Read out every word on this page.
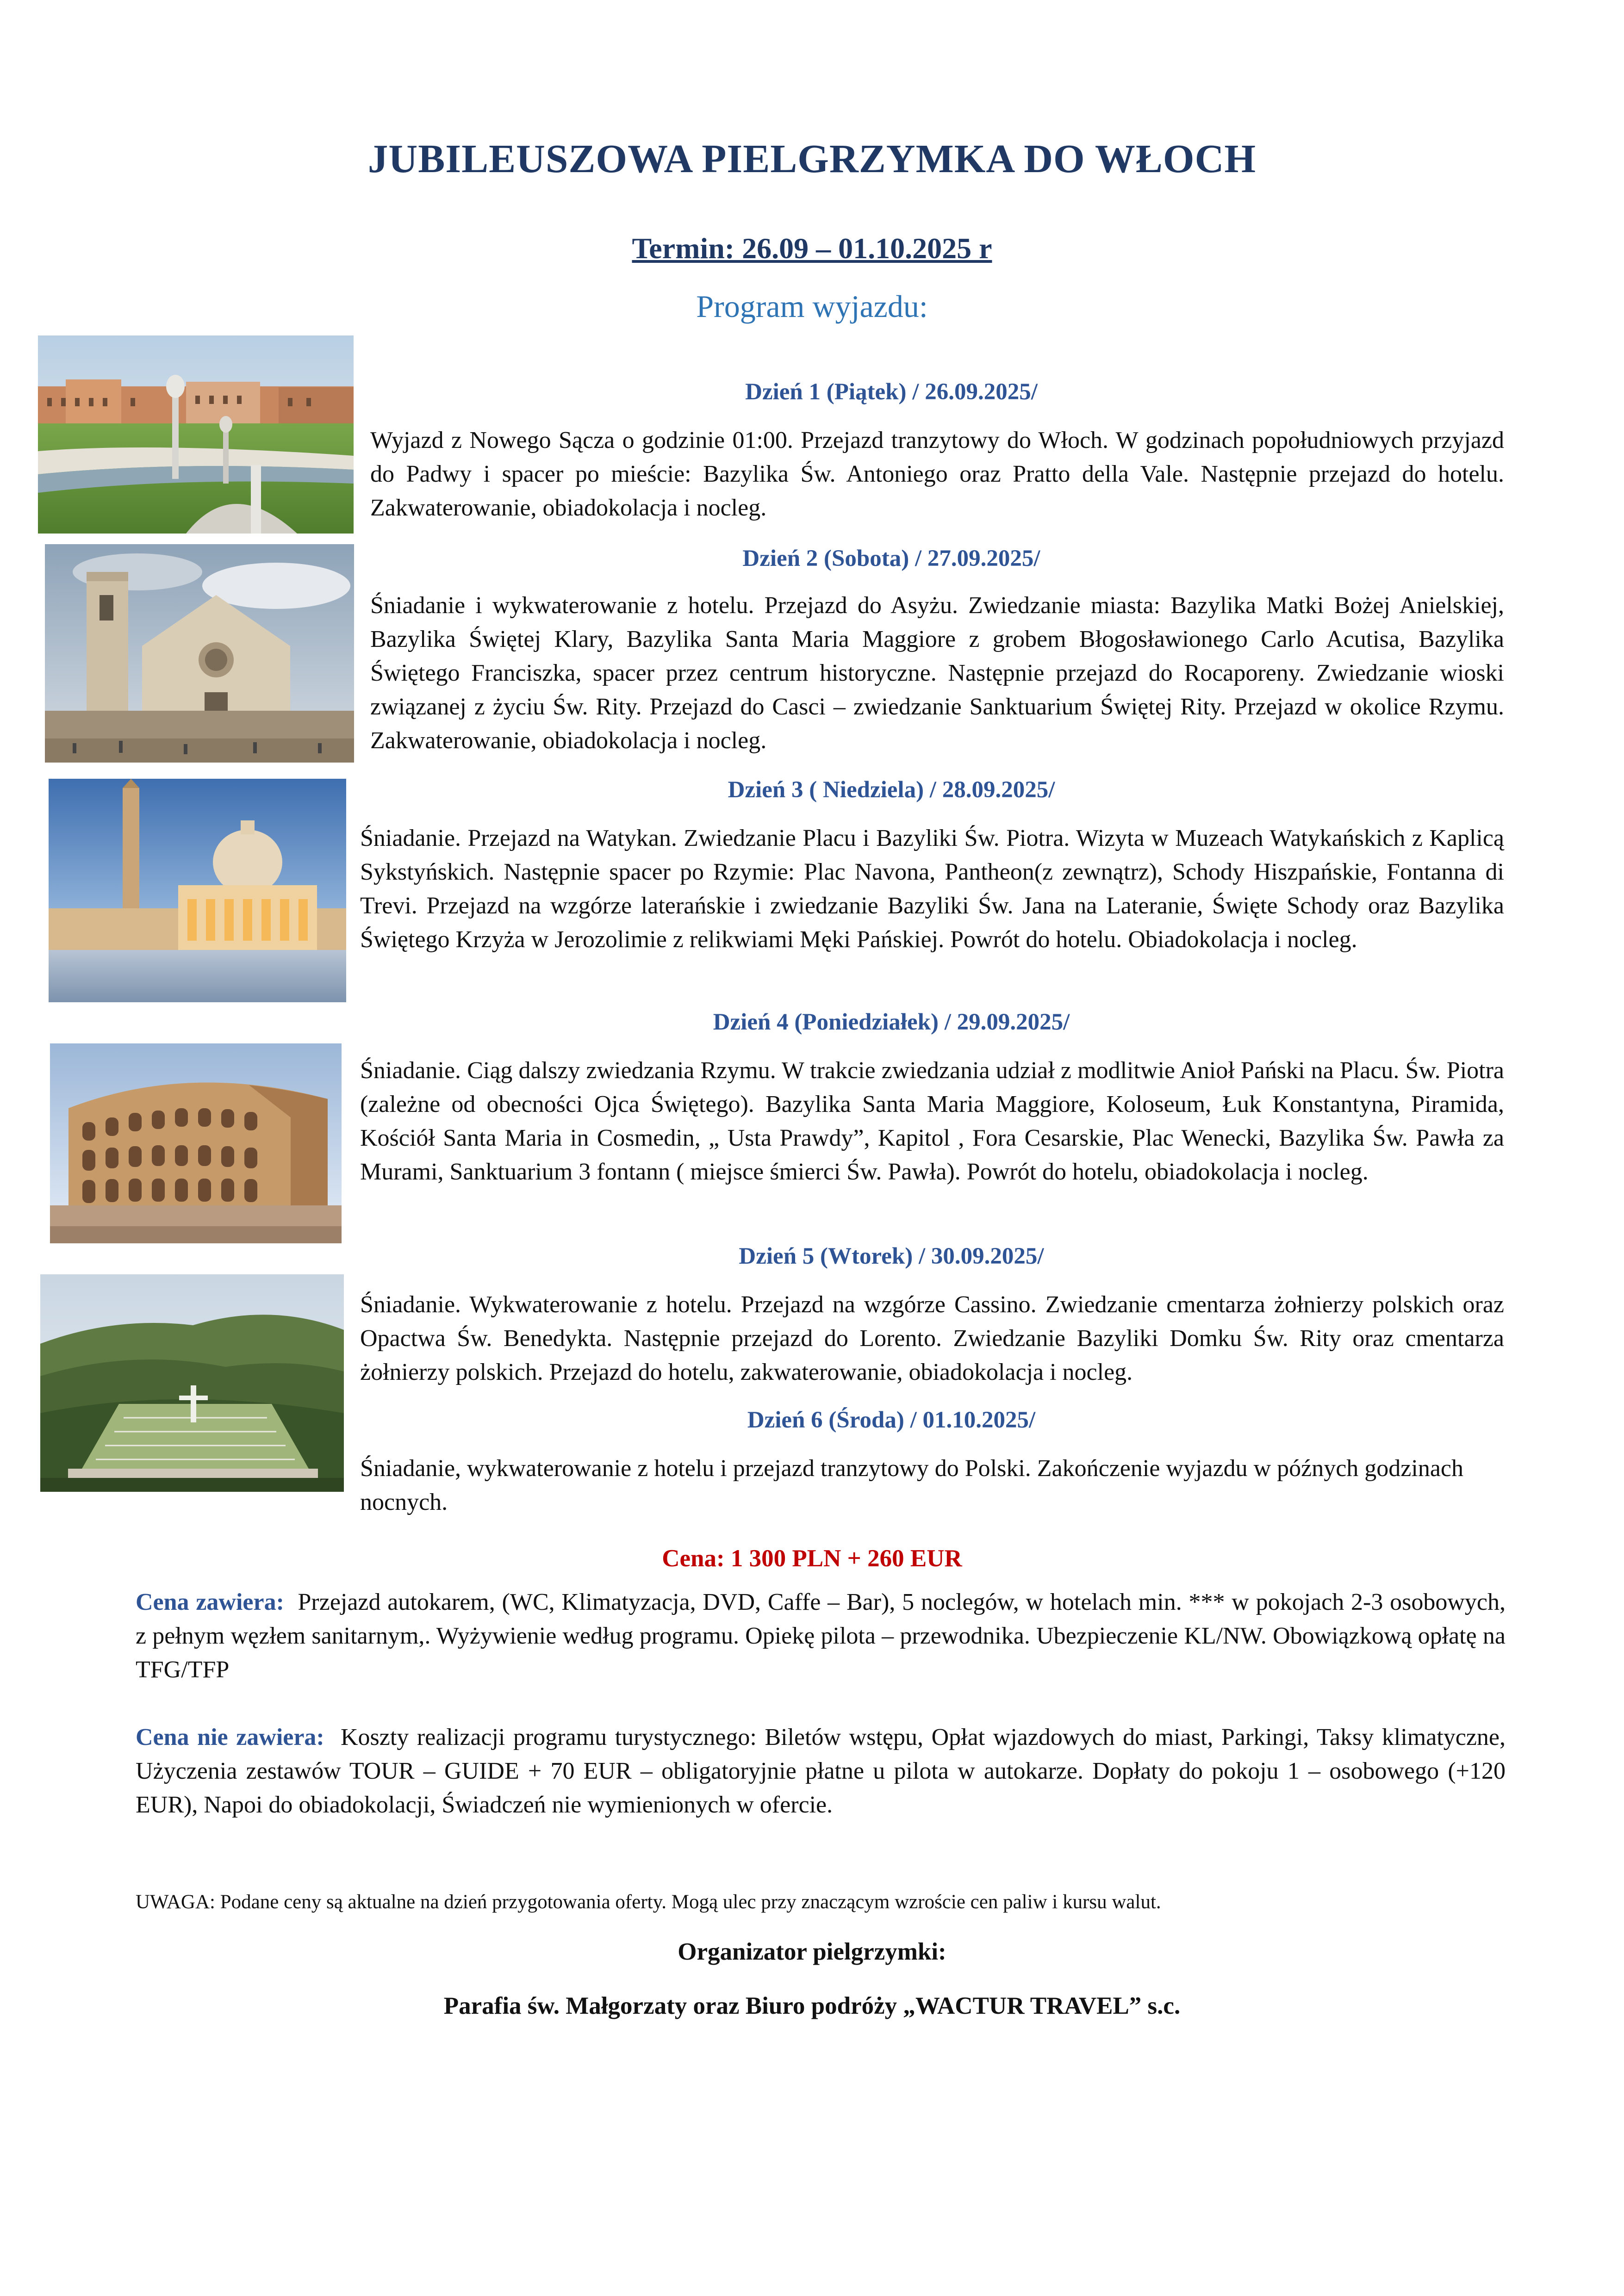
JUBILEUSZOWA PIELGRZYMKA DO WŁOCH
Termin: 26.09 – 01.10.2025 r
Program wyjazdu:
Dzień 1 (Piątek) / 26.09.2025/
Wyjazd z Nowego Sącza o godzinie 01:00. Przejazd tranzytowy do Włoch. W godzinach popołudniowych przyjazd do Padwy i spacer po mieście: Bazylika Św. Antoniego oraz Pratto della Vale. Następnie przejazd do hotelu. Zakwaterowanie, obiadokolacja i nocleg.
Dzień 2 (Sobota) / 27.09.2025/
Śniadanie i wykwaterowanie z hotelu. Przejazd do Asyżu. Zwiedzanie miasta: Bazylika Matki Bożej Anielskiej, Bazylika Świętej Klary, Bazylika Santa Maria Maggiore z grobem Błogosławionego Carlo Acutisa, Bazylika Świętego Franciszka, spacer przez centrum historyczne. Następnie przejazd do Rocaporeny. Zwiedzanie wioski związanej z życiu Św. Rity. Przejazd do Casci – zwiedzanie Sanktuarium Świętej Rity. Przejazd w okolice Rzymu. Zakwaterowanie, obiadokolacja i nocleg.
Dzień 3 ( Niedziela) / 28.09.2025/
Śniadanie. Przejazd na Watykan. Zwiedzanie Placu i Bazyliki Św. Piotra. Wizyta w Muzeach Watykańskich z Kaplicą Sykstyńskich. Następnie spacer po Rzymie: Plac Navona, Pantheon(z zewnątrz), Schody Hiszpańskie, Fontanna di Trevi. Przejazd na wzgórze laterańskie i zwiedzanie Bazyliki Św. Jana na Lateranie, Święte Schody oraz Bazylika Świętego Krzyża w Jerozolimie z relikwiami Męki Pańskiej. Powrót do hotelu. Obiadokolacja i nocleg.
Dzień 4 (Poniedziałek) / 29.09.2025/
Śniadanie. Ciąg dalszy zwiedzania Rzymu. W trakcie zwiedzania udział z modlitwie Anioł Pański na Placu. Św. Piotra (zależne od obecności Ojca Świętego). Bazylika Santa Maria Maggiore, Koloseum, Łuk Konstantyna, Piramida, Kościół Santa Maria in Cosmedin, „ Usta Prawdy”, Kapitol , Fora Cesarskie, Plac Wenecki, Bazylika Św. Pawła za Murami, Sanktuarium 3 fontann ( miejsce śmierci Św. Pawła). Powrót do hotelu, obiadokolacja i nocleg.
Dzień 5 (Wtorek) / 30.09.2025/
Śniadanie. Wykwaterowanie z hotelu. Przejazd na wzgórze Cassino. Zwiedzanie cmentarza żołnierzy polskich oraz Opactwa Św. Benedykta. Następnie przejazd do Lorento. Zwiedzanie Bazyliki Domku Św. Rity oraz cmentarza żołnierzy polskich. Przejazd do hotelu, zakwaterowanie, obiadokolacja i nocleg.
Dzień 6 (Środa) / 01.10.2025/
Śniadanie, wykwaterowanie z hotelu i przejazd tranzytowy do Polski. Zakończenie wyjazdu w późnych godzinach nocnych.
Cena: 1 300 PLN + 260 EUR
Cena zawiera: Przejazd autokarem, (WC, Klimatyzacja, DVD, Caffe – Bar), 5 noclegów, w hotelach min. *** w pokojach 2-3 osobowych, z pełnym węzłem sanitarnym,. Wyżywienie według programu. Opiekę pilota – przewodnika. Ubezpieczenie KL/NW. Obowiązkową opłatę na TFG/TFP
Cena nie zawiera: Koszty realizacji programu turystycznego: Biletów wstępu, Opłat wjazdowych do miast, Parkingi, Taksy klimatyczne, Użyczenia zestawów TOUR – GUIDE + 70 EUR – obligatoryjnie płatne u pilota w autokarze. Dopłaty do pokoju 1 – osobowego (+120 EUR), Napoi do obiadokolacji, Świadczeń nie wymienionych w ofercie.
UWAGA: Podane ceny są aktualne na dzień przygotowania oferty. Mogą ulec przy znaczącym wzroście cen paliw i kursu walut.
Organizator pielgrzymki:
Parafia św. Małgorzaty oraz Biuro podróży „WACTUR TRAVEL” s.c.
